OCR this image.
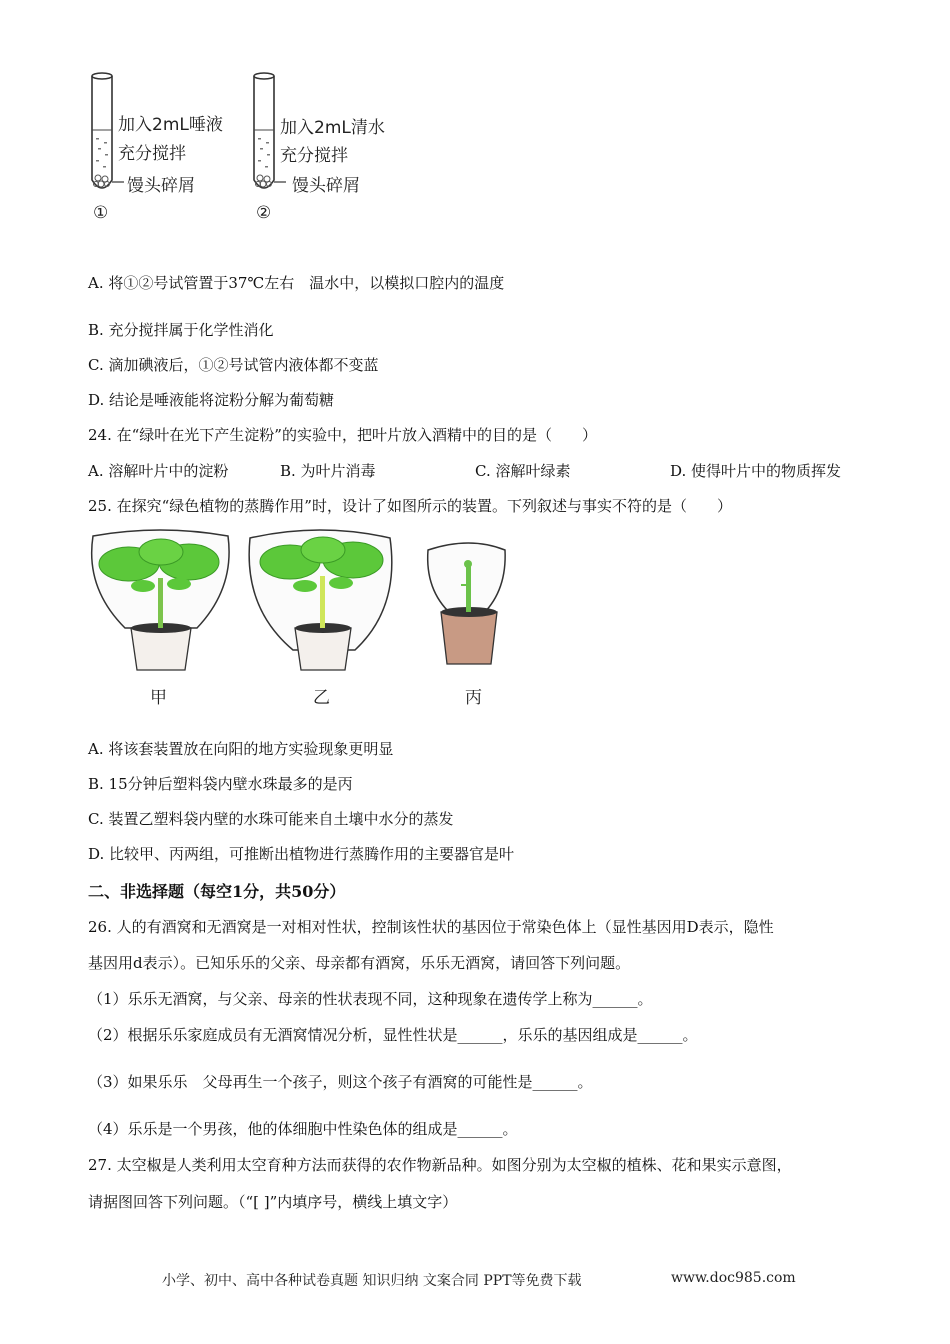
加入2mL唾液
充分搅拌
馒头碎屑
①
加入2mL清水
充分搅拌
馒头碎屑
②
A. 将①②号试管置于37℃左右　温水中，以模拟口腔内的温度
B. 充分搅拌属于化学性消化
C. 滴加碘液后，①②号试管内液体都不变蓝
D. 结论是唾液能将淀粉分解为葡萄糖
24. 在“绿叶在光下产生淀粉”的实验中，把叶片放入酒精中的目的是（　　）
A. 溶解叶片中的淀粉	B. 为叶片消毒	C. 溶解叶绿素	D. 使得叶片中的物质挥发
25. 在探究“绿色植物的蒸腾作用”时，设计了如图所示的装置。下列叙述与事实不符的是（　　）
甲	乙	丙
A. 将该套装置放在向阳的地方实验现象更明显
B. 15分钟后塑料袋内壁水珠最多的是丙
C. 装置乙塑料袋内壁的水珠可能来自土壤中水分的蒸发
D. 比较甲、丙两组，可推断出植物进行蒸腾作用的主要器官是叶
二、非选择题（每空1分，共50分）
26. 人的有酒窝和无酒窝是一对相对性状，控制该性状的基因位于常染色体上（显性基因用D表示，隐性
基因用d表示）。已知乐乐的父亲、母亲都有酒窝，乐乐无酒窝，请回答下列问题。
（1）乐乐无酒窝，与父亲、母亲的性状表现不同，这种现象在遗传学上称为______。
（2）根据乐乐家庭成员有无酒窝情况分析，显性性状是______，乐乐的基因组成是______。
（3）如果乐乐　父母再生一个孩子，则这个孩子有酒窝的可能性是______。
（4）乐乐是一个男孩，他的体细胞中性染色体的组成是______。
27. 太空椒是人类利用太空育种方法而获得的农作物新品种。如图分别为太空椒的植株、花和果实示意图，
请据图回答下列问题。（“[ ]”内填序号，横线上填文字）
小学、初中、高中各种试卷真题 知识归纳 文案合同 PPT等免费下载	www.doc985.com
